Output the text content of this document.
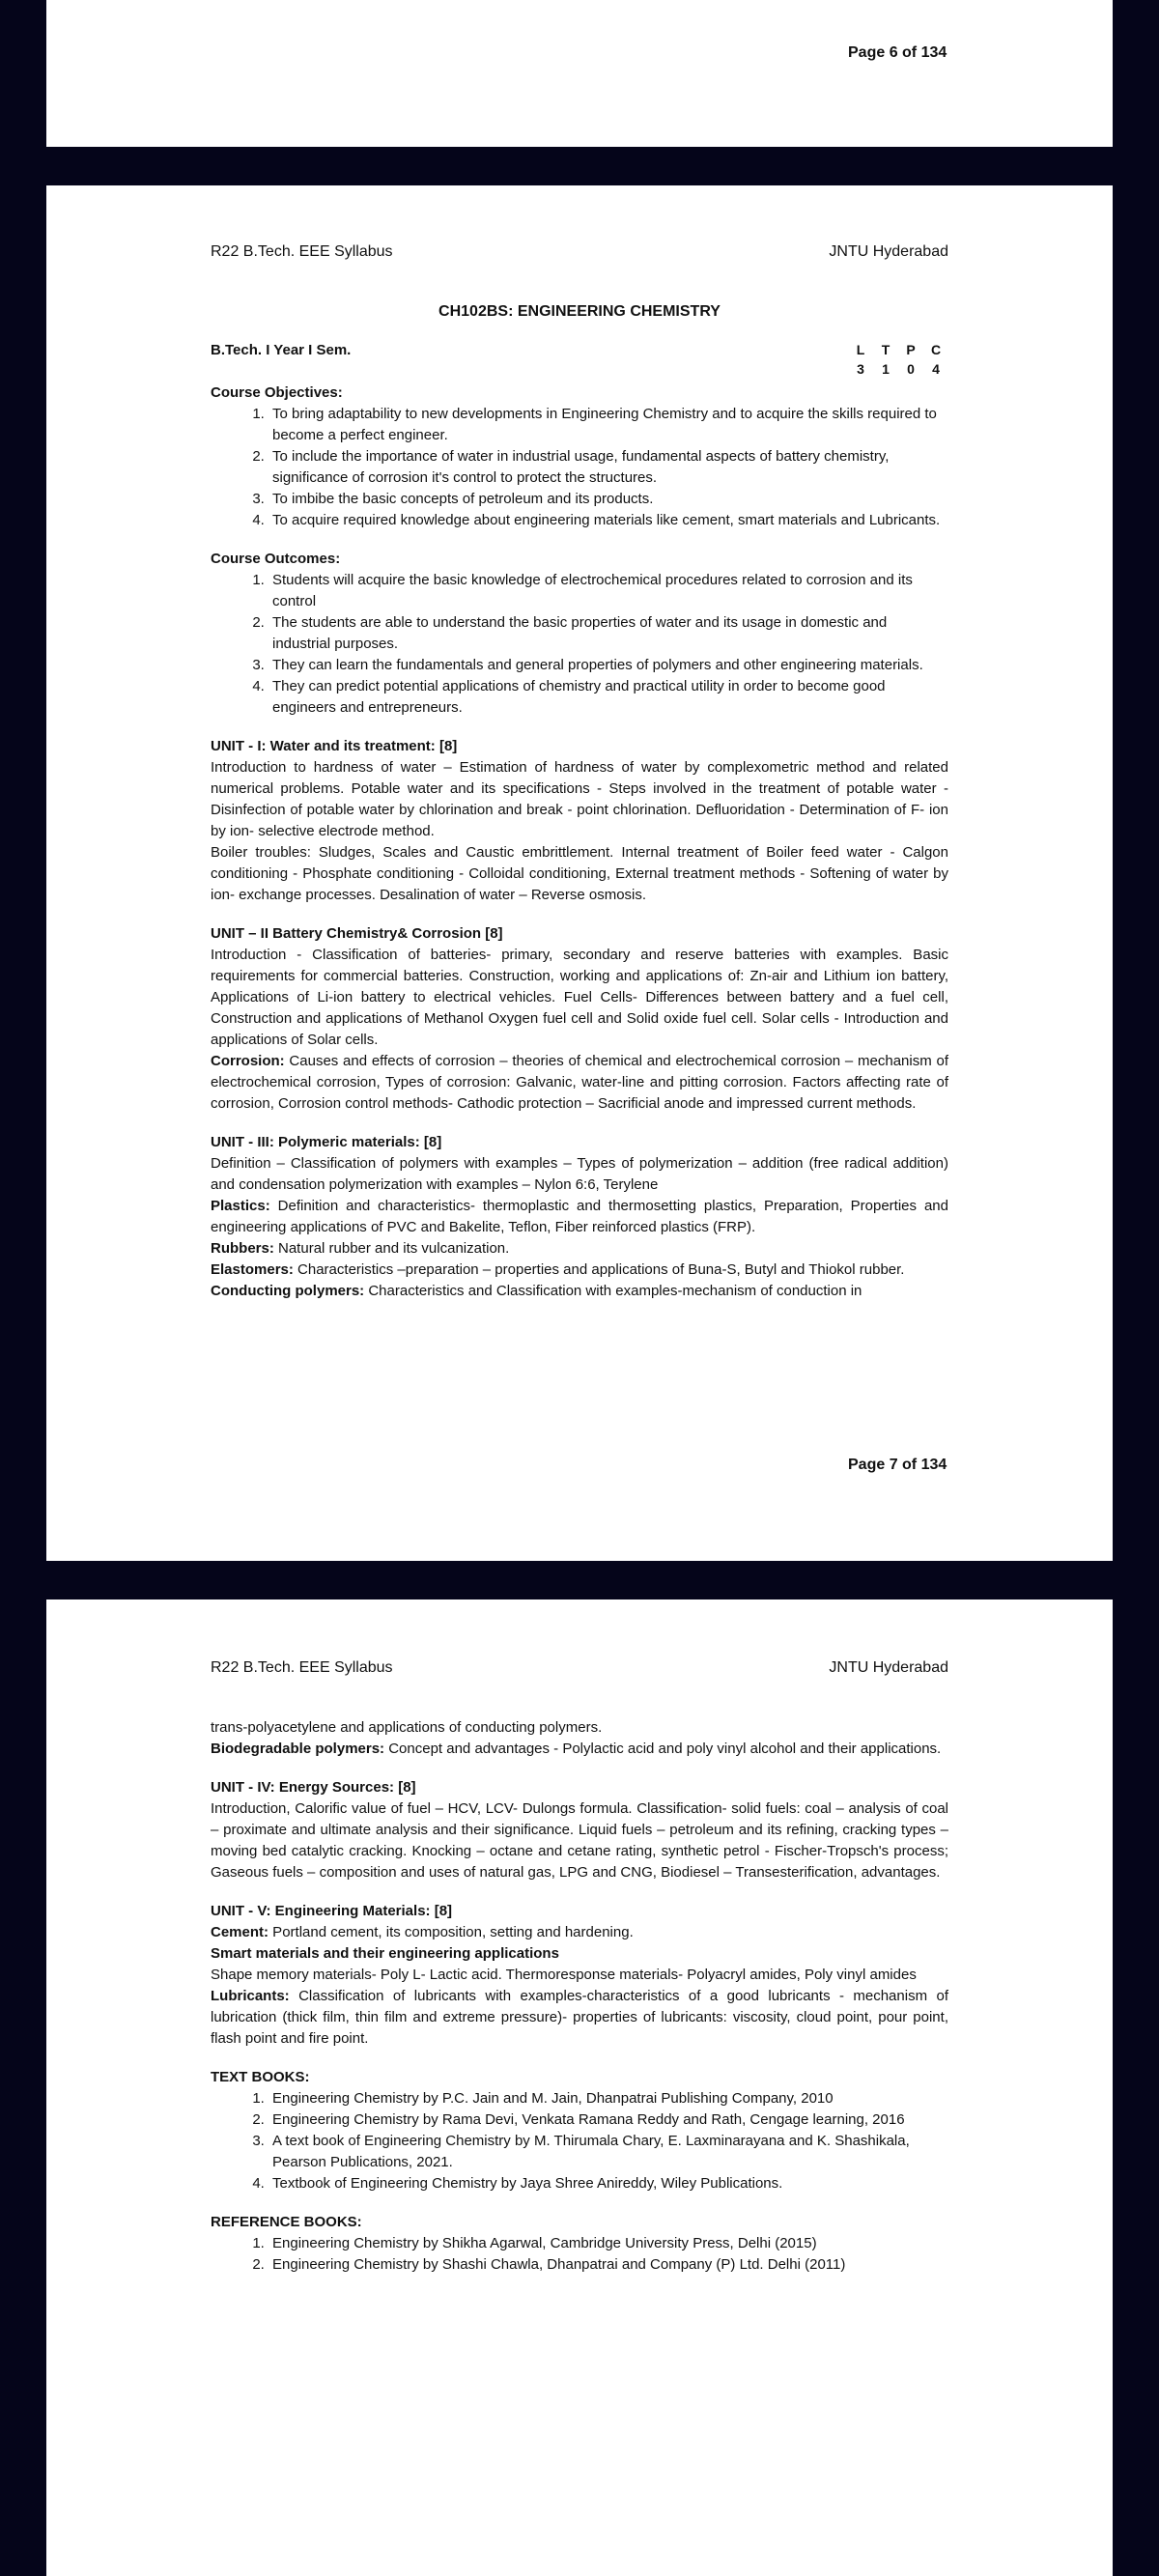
Page 6 of 134
R22 B.Tech. EEE Syllabus	JNTU Hyderabad
CH102BS: ENGINEERING CHEMISTRY
B.Tech. I Year I Sem.	L T P C
3 1 0 4
Course Objectives:
1. To bring adaptability to new developments in Engineering Chemistry and to acquire the skills required to become a perfect engineer.
2. To include the importance of water in industrial usage, fundamental aspects of battery chemistry, significance of corrosion it's control to protect the structures.
3. To imbibe the basic concepts of petroleum and its products.
4. To acquire required knowledge about engineering materials like cement, smart materials and Lubricants.
Course Outcomes:
1. Students will acquire the basic knowledge of electrochemical procedures related to corrosion and its control
2. The students are able to understand the basic properties of water and its usage in domestic and industrial purposes.
3. They can learn the fundamentals and general properties of polymers and other engineering materials.
4. They can predict potential applications of chemistry and practical utility in order to become good engineers and entrepreneurs.
UNIT - I: Water and its treatment: [8]

Introduction to hardness of water – Estimation of hardness of water by complexometric method and related numerical problems. Potable water and its specifications - Steps involved in the treatment of potable water - Disinfection of potable water by chlorination and break - point chlorination. Defluoridation - Determination of F- ion by ion- selective electrode method.

Boiler troubles: Sludges, Scales and Caustic embrittlement. Internal treatment of Boiler feed water - Calgon conditioning - Phosphate conditioning - Colloidal conditioning, External treatment methods - Softening of water by ion- exchange processes. Desalination of water – Reverse osmosis.

UNIT – II Battery Chemistry& Corrosion [8]

Introduction - Classification of batteries- primary, secondary and reserve batteries with examples. Basic requirements for commercial batteries. Construction, working and applications of: Zn-air and Lithium ion battery, Applications of Li-ion battery to electrical vehicles. Fuel Cells- Differences between battery and a fuel cell, Construction and applications of Methanol Oxygen fuel cell and Solid oxide fuel cell. Solar cells - Introduction and applications of Solar cells.

Corrosion: Causes and effects of corrosion – theories of chemical and electrochemical corrosion – mechanism of electrochemical corrosion, Types of corrosion: Galvanic, water-line and pitting corrosion. Factors affecting rate of corrosion, Corrosion control methods- Cathodic protection – Sacrificial anode and impressed current methods.

UNIT - III: Polymeric materials: [8]

Definition – Classification of polymers with examples – Types of polymerization – addition (free radical addition) and condensation polymerization with examples – Nylon 6:6, Terylene

Plastics: Definition and characteristics- thermoplastic and thermosetting plastics, Preparation, Properties and engineering applications of PVC and Bakelite, Teflon, Fiber reinforced plastics (FRP).

Rubbers: Natural rubber and its vulcanization.

Elastomers: Characteristics –preparation – properties and applications of Buna-S, Butyl and Thiokol rubber.

Conducting polymers: Characteristics and Classification with examples-mechanism of conduction in

Page 7 of 134
R22 B.Tech. EEE Syllabus	JNTU Hyderabad

trans-polyacetylene and applications of conducting polymers.

Biodegradable polymers: Concept and advantages - Polylactic acid and poly vinyl alcohol and their applications.

UNIT - IV: Energy Sources: [8]

Introduction, Calorific value of fuel – HCV, LCV- Dulongs formula. Classification- solid fuels: coal – analysis of coal – proximate and ultimate analysis and their significance. Liquid fuels – petroleum and its refining, cracking types – moving bed catalytic cracking. Knocking – octane and cetane rating, synthetic petrol - Fischer-Tropsch's process; Gaseous fuels – composition and uses of natural gas, LPG and CNG, Biodiesel – Transesterification, advantages.

UNIT - V: Engineering Materials: [8]

Cement: Portland cement, its composition, setting and hardening.

Smart materials and their engineering applications

Shape memory materials- Poly L- Lactic acid. Thermoresponse materials- Polyacryl amides, Poly vinyl amides

Lubricants: Classification of lubricants with examples-characteristics of a good lubricants - mechanism of lubrication (thick film, thin film and extreme pressure)- properties of lubricants: viscosity, cloud point, pour point, flash point and fire point.

TEXT BOOKS:
1. Engineering Chemistry by P.C. Jain and M. Jain, Dhanpatrai Publishing Company, 2010
2. Engineering Chemistry by Rama Devi, Venkata Ramana Reddy and Rath, Cengage learning, 2016
3. A text book of Engineering Chemistry by M. Thirumala Chary, E. Laxminarayana and K. Shashikala, Pearson Publications, 2021.
4. Textbook of Engineering Chemistry by Jaya Shree Anireddy, Wiley Publications.
REFERENCE BOOKS:
1. Engineering Chemistry by Shikha Agarwal, Cambridge University Press, Delhi (2015)
2. Engineering Chemistry by Shashi Chawla, Dhanpatrai and Company (P) Ltd. Delhi (2011)
